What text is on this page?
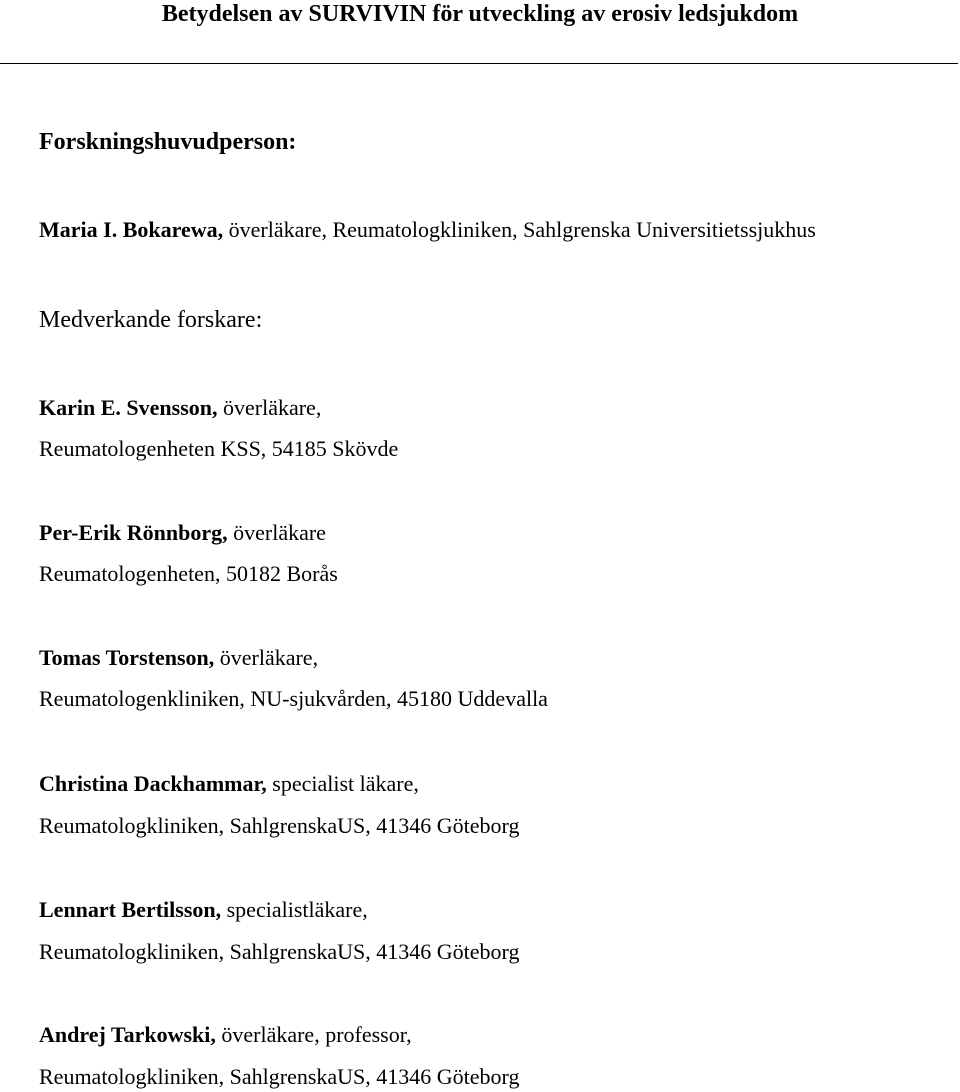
Betydelsen av SURVIVIN för utveckling av erosiv ledsjukdom
Forskningshuvudperson:
Maria I. Bokarewa, överläkare, Reumatologkliniken, Sahlgrenska Universitietssjukhus
Medverkande forskare:
Karin E. Svensson, överläkare,
Reumatologenheten KSS, 54185 Skövde
Per-Erik Rönnborg, överläkare
Reumatologenheten, 50182 Borås
Tomas Torstenson, överläkare,
Reumatologenkliniken, NU-sjukvården, 45180 Uddevalla
Christina Dackhammar, specialist läkare,
Reumatologkliniken, SahlgrenskaUS, 41346 Göteborg
Lennart Bertilsson, specialistläkare,
Reumatologkliniken, SahlgrenskaUS, 41346 Göteborg
Andrej Tarkowski, överläkare, professor,
Reumatologkliniken, SahlgrenskaUS, 41346 Göteborg
